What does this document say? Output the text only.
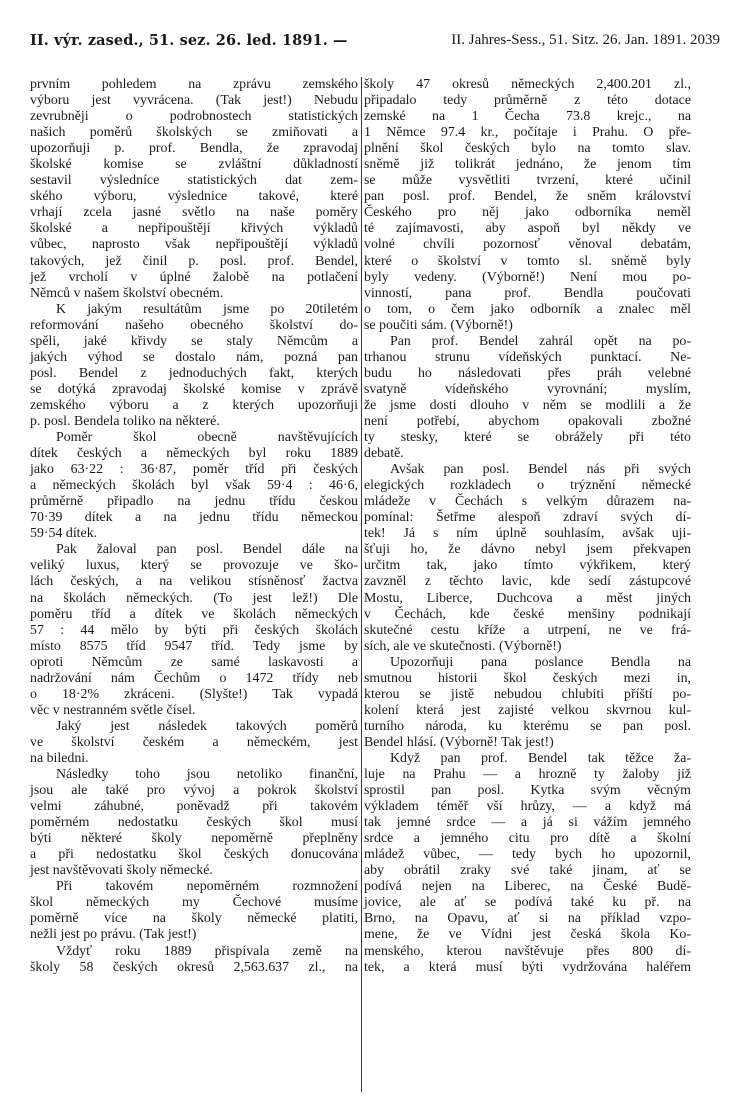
II. výr. zased., 51. sez. 26. led. 1891. —	II. Jahres-Sess., 51. Sitz. 26. Jan. 1891. 2039
prvním pohledem na zprávu zemského
výboru jest vyvrácena. (Tak jest!) Nebudu
zevrubněji o podrobnostech statistických
našich poměrů školských se zmiňovati a
upozorňuji p. prof. Bendla, že zpravodaj
školské komise se zvláštní důkladností
sestavil výsledníce statistických dat zem-
ského výboru, výslednice takové, které
vrhají zcela jasné světlo na naše poměry
školské a nepřipouštějí křivých výkladů
vůbec, naprosto však nepřipouštějí výkladů
takových, jež činil p. posl. prof. Bendel,
jež vrcholí v úplné žalobě na potlačení
Němců v našem školství obecném.
K jakým resultátům jsme po 20tiletém
reformování našeho obecného školství do-
spěli, jaké křivdy se staly Němcům a
jakých výhod se dostalo nám, pozná pan
posl. Bendel z jednoduchých fakt, kterých
se dotýká zpravodaj školské komise v zprávě
zemského výboru a z kterých upozorňuji
p. posl. Bendela toliko na některé.
Poměr škol obecně navštěvujících
dítek českých a německých byl roku 1889
jako 63·22 : 36·87, poměr tříd při českých
a německých školách byl však 59·4 : 46·6,
průměrně připadlo na jednu třídu českou
70·39 dítek a na jednu třídu německou
59·54 dítek.
Pak žaloval pan posl. Bendel dále na
veliký luxus, který se provozuje ve ško-
lách českých, a na velikou stísněnosť žactva
na školách německých. (To jest lež!) Dle
poměru tříd a dítek ve školách německých
57 : 44 mělo by býti při českých školách
místo 8575 tříd 9547 tříd. Tedy jsme by
oproti Němcům ze samé laskavosti a
nadržování nám Čechům o 1472 třídy neb
o 18·2% zkráceni. (Slyšte!) Tak vypadá
věc v nestranném světle čísel.
Jaký jest následek takových poměrů
ve školství českém a německém, jest
na biledni.
Následky toho jsou netoliko finanční,
jsou ale také pro vývoj a pokrok školství
velmi záhubné, poněvadž při takovém
poměrném nedostatku českých škol musí
býti některé školy nepoměrně přeplněny
a při nedostatku škol českých donucována
jest navštěvovati školy německé.
Při takovém nepoměrném rozmnožení
škol německých my Čechové musíme
poměrně více na školy německé platiti,
nežli jest po právu. (Tak jest!)
Vždyť roku 1889 přispívala země na
školy 58 českých okresů 2,563.637 zl., na
školy 47 okresů německých 2,400.201 zl.,
připadalo tedy průměrně z této dotace
zemské na 1 Čecha 73.8 krejc., na
1 Němce 97.4 kr., počítaje i Prahu. O pře-
plnění škol českých bylo na tomto slav.
sněmě již tolikrát jednáno, že jenom tím
se může vysvětliti tvrzení, které učinil
pan posl. prof. Bendel, že sněm království
Českého pro něj jako odborníka neměl
té zajímavosti, aby aspoň byl někdy ve
volné chvíli pozornosť věnoval debatám,
které o školství v tomto sl. sněmě byly
byly vedeny. (Výborně!) Není mou po-
vinností, pana prof. Bendla poučovati
o tom, o čem jako odborník a znalec měl
se poučiti sám. (Výborně!)
Pan prof. Bendel zahrál opět na po-
trhanou strunu vídeňských punktací. Ne-
budu ho následovati přes práh velebné
svatyně vídeňského vyrovnání; myslím,
že jsme dosti dlouho v něm se modlili a že
není potřebí, abychom opakovali zbožné
ty stesky, které se obrážely při této
debatě.
Avšak pan posl. Bendel nás při svých
elegických rozkladech o trýznění německé
mládeže v Čechách s velkým důrazem na-
pomínal: Šetřme alespoň zdraví svých dí-
tek! Já s ním úplně souhlasím, avšak uji-
šťuji ho, že dávno nebyl jsem překvapen
určitm tak, jako tímto výkřikem, který
zavzněl z těchto lavic, kde sedí zástupcové
Mostu, Liberce, Duchcova a měst jiných
v Čechách, kde české menšiny podnikají
skutečné cestu kříže a utrpení, ne ve frá-
sích, ale ve skutečnosti. (Výborně!)
Upozorňuji pana poslance Bendla na
smutnou historii škol českých mezi in,
kterou se jistě nebudou chlubiti příští po-
kolení která jest zajisté velkou skvrnou kul-
turního národa, ku kterému se pan posl.
Bendel hlásí. (Výborně! Tak jest!)
Když pan prof. Bendel tak těžce ža-
luje na Prahu — a hrozně ty žaloby již
sprostil pan posl. Kytka svým věcným
výkladem téměř vší hrůzy, — a když má
tak jemné srdce — a já si vážím jemného
srdce a jemného citu pro dítě a školní
mládež vůbec, — tedy bych ho upozornil,
aby obrátil zraky své také jinam, ať se
podívá nejen na Liberec, na České Budě-
jovice, ale ať se podívá také ku př. na
Brno, na Opavu, ať si na příklad vzpo-
mene, že ve Vídni jest česká škola Ko-
menského, kterou navštěvuje přes 800 dí-
tek, a která musí býti vydržována haléřem
